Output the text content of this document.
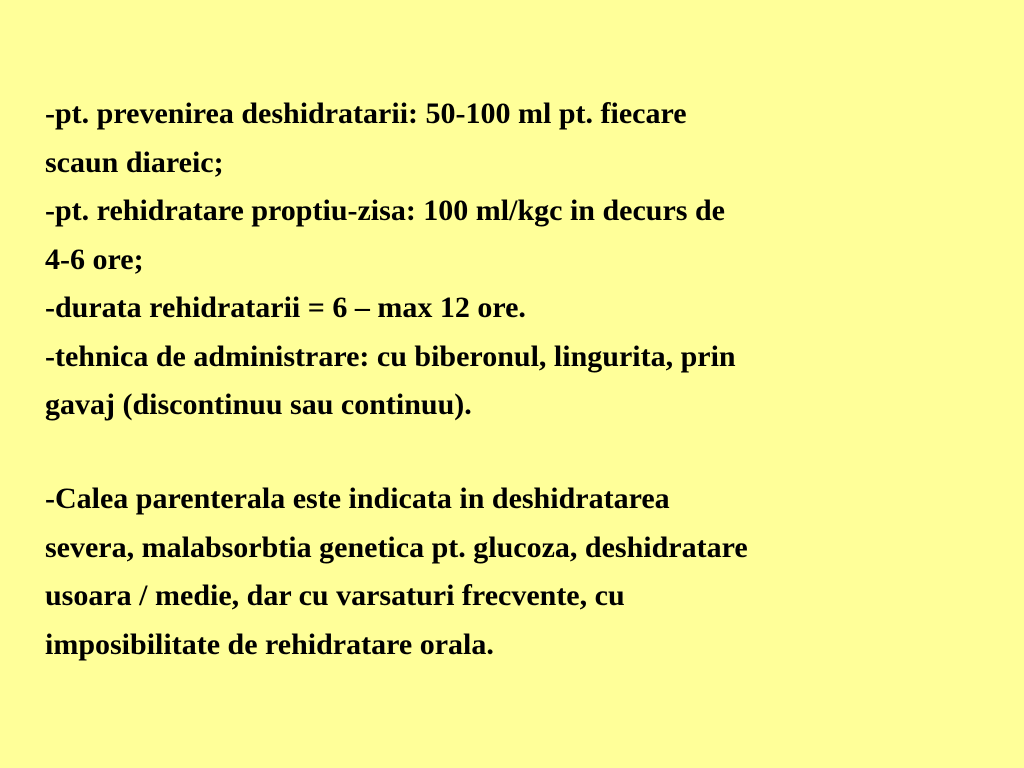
-pt. prevenirea deshidratarii: 50-100 ml pt. fiecare
scaun diareic;
-pt. rehidratare proptiu-zisa: 100 ml/kgc in decurs de
4-6 ore;
-durata rehidratarii = 6 – max 12 ore.
-tehnica de administrare: cu biberonul, lingurita, prin
gavaj (discontinuu sau continuu).
-Calea parenterala este indicata in deshidratarea
severa, malabsorbtia genetica pt. glucoza, deshidratare
usoara / medie, dar cu varsaturi frecvente, cu
imposibilitate de rehidratare orala.
